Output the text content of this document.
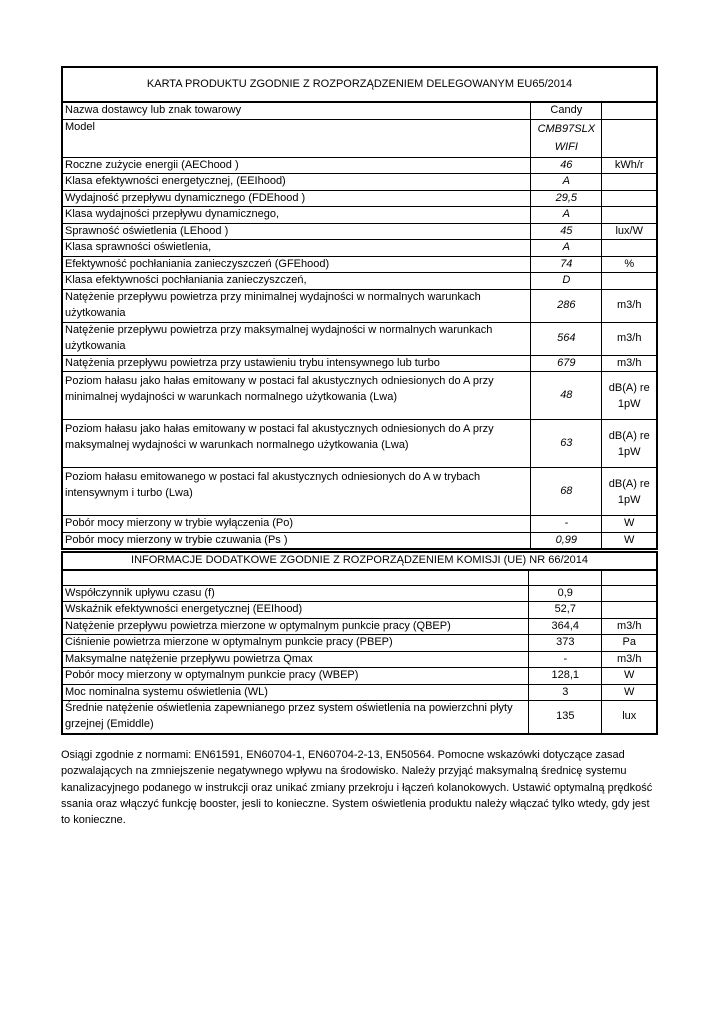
KARTA PRODUKTU ZGODNIE Z ROZPORZĄDZENIEM DELEGOWANYM EU65/2014		
Nazwa dostawcy lub znak towarowy	Candy	
Model	CMB97SLX WIFI	
Roczne zużycie energii (AEChood )	46	kWh/r
Klasa efektywności energetycznej, (EEIhood)	A	
Wydajność przepływu dynamicznego (FDEhood )	29,5	
Klasa wydajności przepływu dynamicznego,	A	
Sprawność oświetlenia (LEhood )	45	lux/W
Klasa sprawności oświetlenia,	A	
Efektywność pochłaniania zanieczyszczeń (GFEhood)	74	%
Klasa efektywności pochłaniania zanieczyszczeń,	D	
Natężenie przepływu powietrza przy minimalnej wydajności w normalnych warunkach użytkowania	286	m3/h
Natężenie przepływu powietrza przy maksymalnej wydajności w normalnych warunkach użytkowania	564	m3/h
Natężenia przepływu powietrza przy ustawieniu trybu intensywnego lub turbo	679	m3/h
Poziom hałasu jako hałas emitowany w postaci fal akustycznych odniesionych do A przy minimalnej wydajności w warunkach normalnego użytkowania (Lwa)	48	dB(A) re 1pW
Poziom hałasu jako hałas emitowany w postaci fal akustycznych odniesionych do A przy maksymalnej wydajności w warunkach normalnego użytkowania (Lwa)	63	dB(A) re 1pW
Poziom hałasu emitowanego w postaci fal akustycznych odniesionych do A w trybach intensywnym i turbo (Lwa)	68	dB(A) re 1pW
Pobór mocy mierzony w trybie wyłączenia (Po)	-	W
Pobór mocy mierzony w trybie czuwania (Ps )	0,99	W
INFORMACJE DODATKOWE ZGODNIE Z ROZPORZĄDZENIEM KOMISJI (UE) NR 66/2014		

Współczynnik upływu czasu (f)	0,9	
Wskaźnik efektywności energetycznej (EEIhood)	52,7	
Natężenie przepływu powietrza mierzone w optymalnym punkcie pracy (QBEP)	364,4	m3/h
Ciśnienie powietrza mierzone w optymalnym punkcie pracy (PBEP)	373	Pa
Maksymalne natężenie przepływu powietrza Qmax	-	m3/h
Pobór mocy mierzony w optymalnym punkcie pracy (WBEP)	128,1	W
Moc nominalna systemu oświetlenia (WL)	3	W
Średnie natężenie oświetlenia zapewnianego przez system oświetlenia na powierzchni płyty grzejnej (Emiddle)	135	lux
Osiągi zgodnie z normami: EN61591, EN60704-1, EN60704-2-13, EN50564. Pomocne wskazówki dotyczące zasad pozwalających na zmniejszenie negatywnego wpływu na środowisko. Należy przyjąć maksymalną średnicę systemu kanalizacyjnego podanego w instrukcji oraz unikać zmiany przekroju i łączeń kolanokowych. Ustawić optymalną prędkość ssania oraz włączyć funkcję booster, jesli to konieczne. System oświetlenia produktu należy włączać tylko wtedy, gdy jest to konieczne.
